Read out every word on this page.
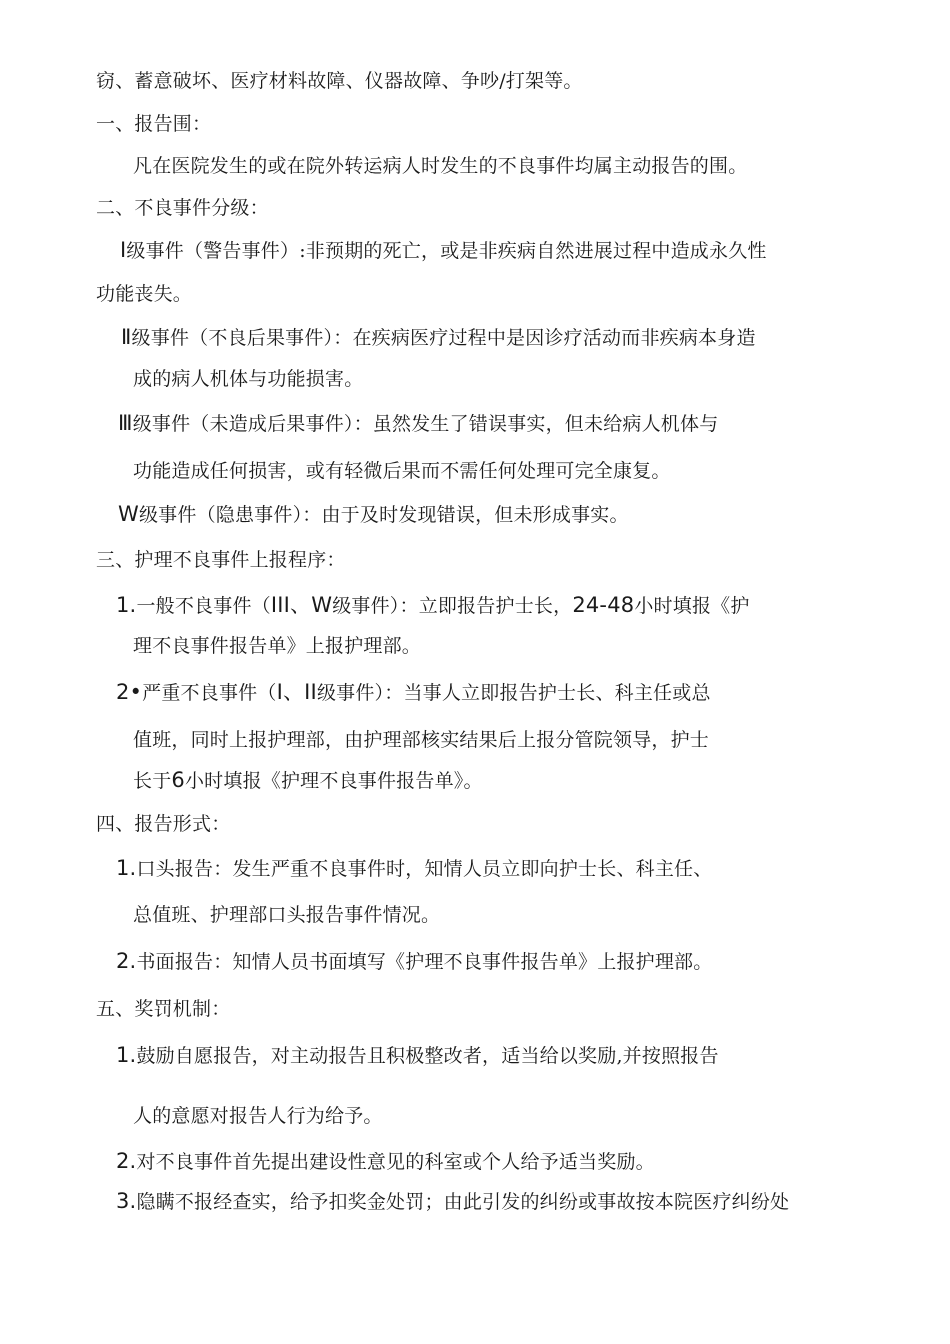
窃、蓄意破坏、医疗材料故障、仪器故障、争吵/打架等。
一、报告围：
凡在医院发生的或在院外转运病人时发生的不良事件均属主动报告的围。
二、不良事件分级：
Ⅰ级事件（警告事件）:非预期的死亡，或是非疾病自然进展过程中造成永久性
功能丧失。
Ⅱ级事件（不良后果事件）：在疾病医疗过程中是因诊疗活动而非疾病本身造
成的病人机体与功能损害。
Ⅲ级事件（未造成后果事件）：虽然发生了错误事实，但未给病人机体与
功能造成任何损害，或有轻微后果而不需任何处理可完全康复。
W级事件（隐患事件）：由于及时发现错误，但未形成事实。
三、护理不良事件上报程序：
1.一般不良事件（III、W级事件）：立即报告护士长，24-48小时填报《护
理不良事件报告单》上报护理部。
2•严重不良事件（I、II级事件）：当事人立即报告护士长、科主任或总
值班，同时上报护理部，由护理部核实结果后上报分管院领导，护士
长于6小时填报《护理不良事件报告单》。
四、报告形式：
1.口头报告：发生严重不良事件时，知情人员立即向护士长、科主任、
总值班、护理部口头报告事件情况。
2.书面报告：知情人员书面填写《护理不良事件报告单》上报护理部。
五、奖罚机制：
1.鼓励自愿报告，对主动报告且积极整改者，适当给以奖励,并按照报告
人的意愿对报告人行为给予。
2.对不良事件首先提出建设性意见的科室或个人给予适当奖励。
3.隐瞒不报经查实，给予扣奖金处罚；由此引发的纠纷或事故按本院医疗纠纷处
